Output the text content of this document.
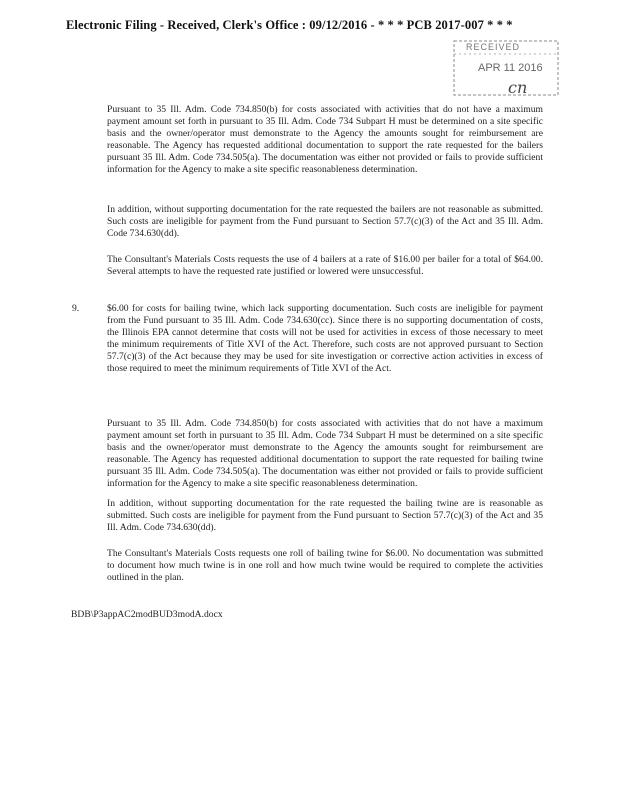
Electronic Filing - Received, Clerk's Office : 09/12/2016 - * * * PCB 2017-007 * * *
RECEIVED
APR 11 2016
cn
Pursuant to 35 Ill. Adm. Code 734.850(b) for costs associated with activities that do not have a maximum payment amount set forth in pursuant to 35 Ill. Adm. Code 734 Subpart H must be determined on a site specific basis and the owner/operator must demonstrate to the Agency the amounts sought for reimbursement are reasonable. The Agency has requested additional documentation to support the rate requested for the bailers pursuant 35 Ill. Adm. Code 734.505(a). The documentation was either not provided or fails to provide sufficient information for the Agency to make a site specific reasonableness determination.
In addition, without supporting documentation for the rate requested the bailers are not reasonable as submitted. Such costs are ineligible for payment from the Fund pursuant to Section 57.7(c)(3) of the Act and 35 Ill. Adm. Code 734.630(dd).
The Consultant's Materials Costs requests the use of 4 bailers at a rate of $16.00 per bailer for a total of $64.00. Several attempts to have the requested rate justified or lowered were unsuccessful.
9.	$6.00 for costs for bailing twine, which lack supporting documentation. Such costs are ineligible for payment from the Fund pursuant to 35 Ill. Adm. Code 734.630(cc). Since there is no supporting documentation of costs, the Illinois EPA cannot determine that costs will not be used for activities in excess of those necessary to meet the minimum requirements of Title XVI of the Act. Therefore, such costs are not approved pursuant to Section 57.7(c)(3) of the Act because they may be used for site investigation or corrective action activities in excess of those required to meet the minimum requirements of Title XVI of the Act.
Pursuant to 35 Ill. Adm. Code 734.850(b) for costs associated with activities that do not have a maximum payment amount set forth in pursuant to 35 Ill. Adm. Code 734 Subpart H must be determined on a site specific basis and the owner/operator must demonstrate to the Agency the amounts sought for reimbursement are reasonable. The Agency has requested additional documentation to support the rate requested for bailing twine pursuant 35 Ill. Adm. Code 734.505(a). The documentation was either not provided or fails to provide sufficient information for the Agency to make a site specific reasonableness determination.
In addition, without supporting documentation for the rate requested the bailing twine are is reasonable as submitted. Such costs are ineligible for payment from the Fund pursuant to Section 57.7(c)(3) of the Act and 35 Ill. Adm. Code 734.630(dd).
The Consultant's Materials Costs requests one roll of bailing twine for $6.00. No documentation was submitted to document how much twine is in one roll and how much twine would be required to complete the activities outlined in the plan.
BDB\P3appAC2modBUD3modA.docx
